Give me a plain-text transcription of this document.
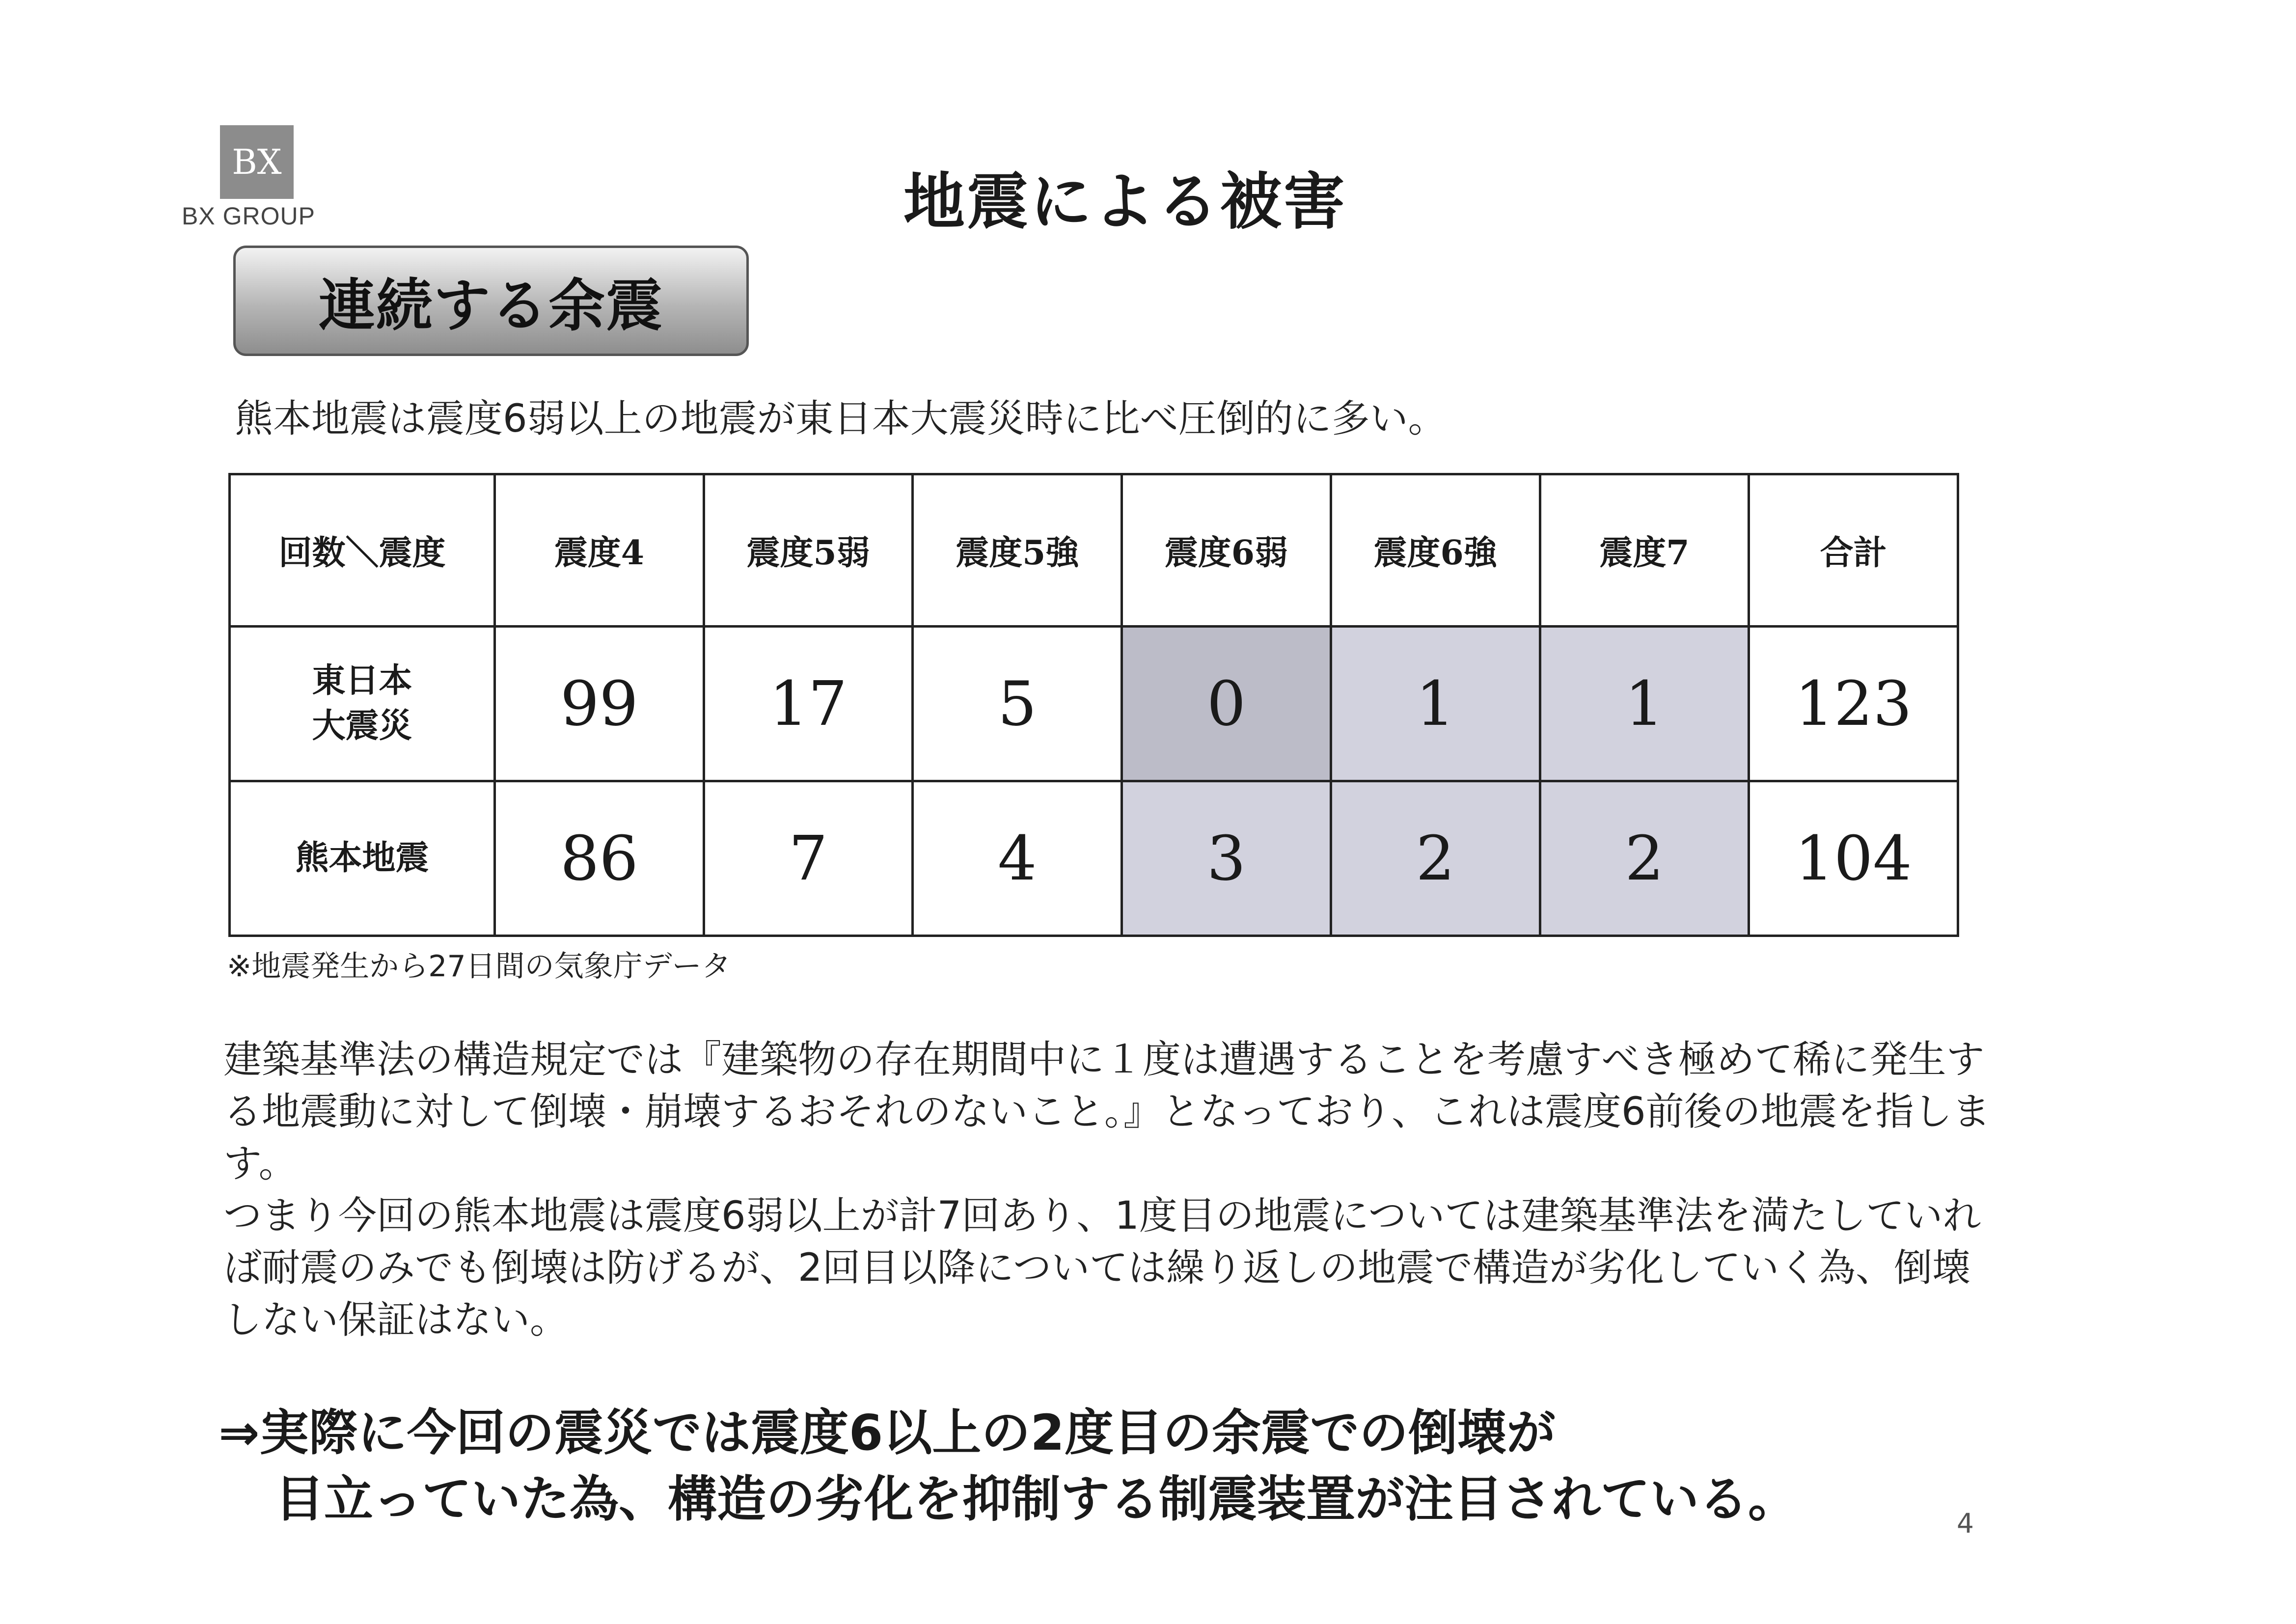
BX
BX GROUP	地震による被害
連続する余震
熊本地震は震度6弱以上の地震が東日本大震災時に比べ圧倒的に多い。
回数＼震度	震度4	震度5弱	震度5強	震度6弱	震度6強	震度7	合計
東日本
大震災	99	17	5	0	1	1	123
熊本地震	86	7	4	3	2	2	104
※地震発生から27日間の気象庁データ

建築基準法の構造規定では『建築物の存在期間中に１度は遭遇することを考慮すべき極めて稀に発生する地震動に対して倒壊・崩壊するおそれのないこと。』となっており、これは震度6前後の地震を指します。

つまり今回の熊本地震は震度6弱以上が計7回あり、1度目の地震については建築基準法を満たしていれば耐震のみでも倒壊は防げるが、2回目以降については繰り返しの地震で構造が劣化していく為、倒壊しない保証はない。

⇒実際に今回の震災では震度6以上の2度目の余震での倒壊が
目立っていた為、構造の劣化を抑制する制震装置が注目されている。	4
